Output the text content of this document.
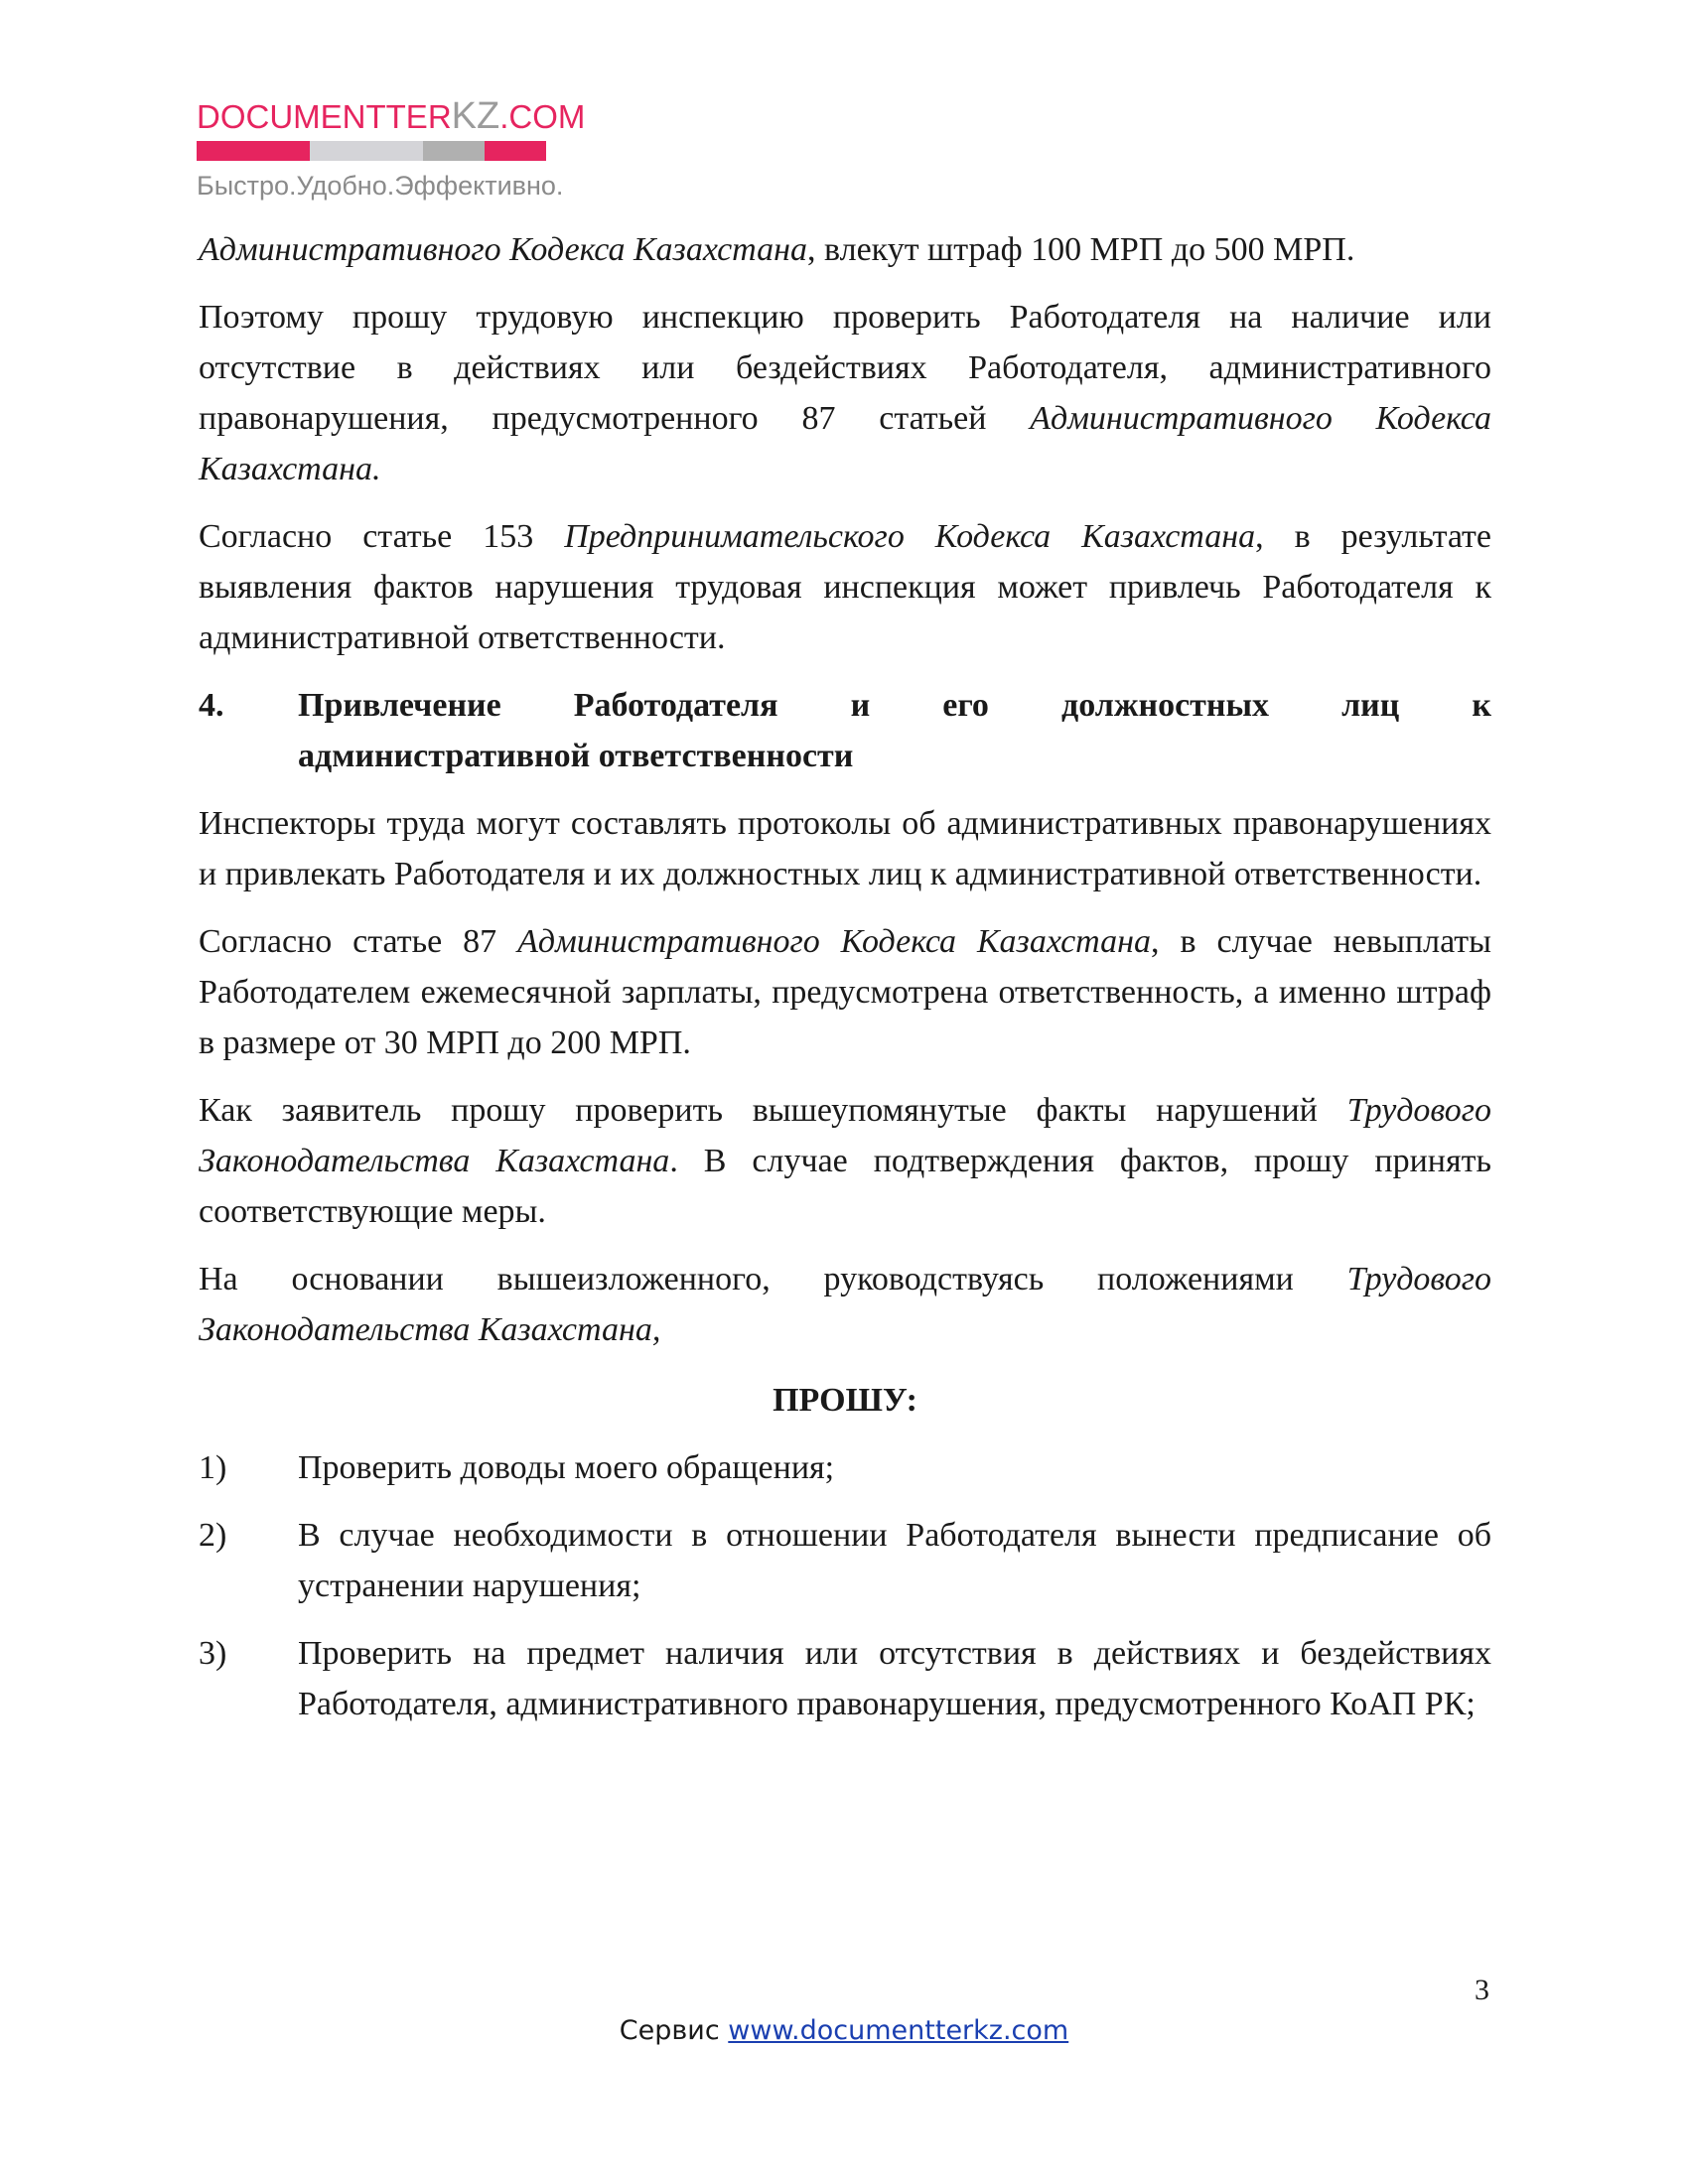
DOCUMENTTERKZ.COM
Быстро.Удобно.Эффективно.

Административного Кодекса Казахстана, влекут штраф 100 МРП до 500 МРП.

Поэтому прошу трудовую инспекцию проверить Работодателя на наличие или отсутствие в действиях или бездействиях Работодателя, административного правонарушения, предусмотренного 87 статьей Административного Кодекса Казахстана.

Согласно статье 153 Предпринимательского Кодекса Казахстана, в результате выявления фактов нарушения трудовая инспекция может привлечь Работодателя к административной ответственности.

4.	Привлечение Работодателя и его должностных лиц к
административной ответственности

Инспекторы труда могут составлять протоколы об административных правонарушениях и привлекать Работодателя и их должностных лиц к административной ответственности.

Согласно статье 87 Административного Кодекса Казахстана, в случае невыплаты Работодателем ежемесячной зарплаты, предусмотрена ответственность, а именно штраф в размере от 30 МРП до 200 МРП.

Как заявитель прошу проверить вышеупомянутые факты нарушений Трудового Законодательства Казахстана. В случае подтверждения фактов, прошу принять соответствующие меры.

На основании вышеизложенного, руководствуясь положениями Трудового Законодательства Казахстана,

ПРОШУ:
1)	Проверить доводы моего обращения;
2)	В случае необходимости в отношении Работодателя вынести предписание об устранении нарушения;
3)	Проверить на предмет наличия или отсутствия в действиях и бездействиях Работодателя, административного правонарушения, предусмотренного КоАП РК;
3
Сервис www.documentterkz.com
